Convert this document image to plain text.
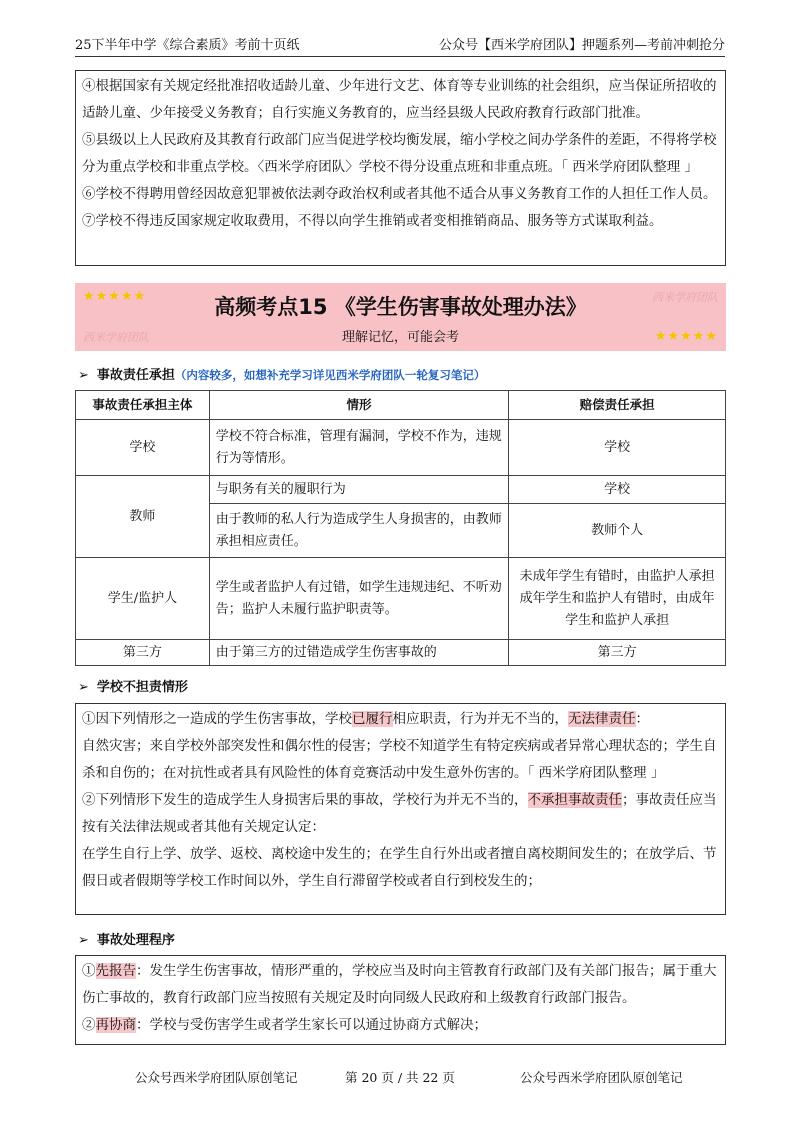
25下半年中学《综合素质》考前十页纸	公众号【西米学府团队】押题系列—考前冲刺抢分

④根据国家有关规定经批准招收适龄儿童、少年进行文艺、体育等专业训练的社会组织，应当保证所招收的适龄儿童、少年接受义务教育；自行实施义务教育的，应当经县级人民政府教育行政部门批准。

⑤县级以上人民政府及其教育行政部门应当促进学校均衡发展，缩小学校之间办学条件的差距，不得将学校分为重点学校和非重点学校。〈西米学府团队〉学校不得分设重点班和非重点班。「 西米学府团队整理 」

⑥学校不得聘用曾经因故意犯罪被依法剥夺政治权利或者其他不适合从事义务教育工作的人担任工作人员。

⑦学校不得违反国家规定收取费用，不得以向学生推销或者变相推销商品、服务等方式谋取利益。

★★★★★	西米学府团队
高频考点15 《学生伤害事故处理办法》
理解记忆，可能会考
西米学府团队	★★★★★
➢ 事故责任承担（内容较多，如想补充学习详见西米学府团队一轮复习笔记）
事故责任承担主体	情形	赔偿责任承担
学校	学校不符合标准，管理有漏洞，学校不作为，违规行为等情形。	学校
教师	与职务有关的履职行为	学校
	由于教师的私人行为造成学生人身损害的，由教师承担相应责任。	教师个人
学生/监护人	学生或者监护人有过错，如学生违规违纪、不听劝告；监护人未履行监护职责等。	未成年学生有错时，由监护人承担
成年学生和监护人有错时，由成年学生和监护人承担

第三方	由于第三方的过错造成学生伤害事故的	第三方
➢ 学校不担责情形

①因下列情形之一造成的学生伤害事故，学校已履行相应职责，行为并无不当的，无法律责任：

自然灾害；来自学校外部突发性和偶尔性的侵害；学校不知道学生有特定疾病或者异常心理状态的；学生自杀和自伤的；在对抗性或者具有风险性的体育竞赛活动中发生意外伤害的。「 西米学府团队整理 」

②下列情形下发生的造成学生人身损害后果的事故，学校行为并无不当的，不承担事故责任；事故责任应当按有关法律法规或者其他有关规定认定：

在学生自行上学、放学、返校、离校途中发生的；在学生自行外出或者擅自离校期间发生的；在放学后、节假日或者假期等学校工作时间以外，学生自行滞留学校或者自行到校发生的；

➢ 事故处理程序

①先报告：发生学生伤害事故，情形严重的，学校应当及时向主管教育行政部门及有关部门报告；属于重大伤亡事故的，教育行政部门应当按照有关规定及时向同级人民政府和上级教育行政部门报告。

②再协商：学校与受伤害学生或者学生家长可以通过协商方式解决；

公众号西米学府团队原创笔记	第 20 页 / 共 22 页	公众号西米学府团队原创笔记
